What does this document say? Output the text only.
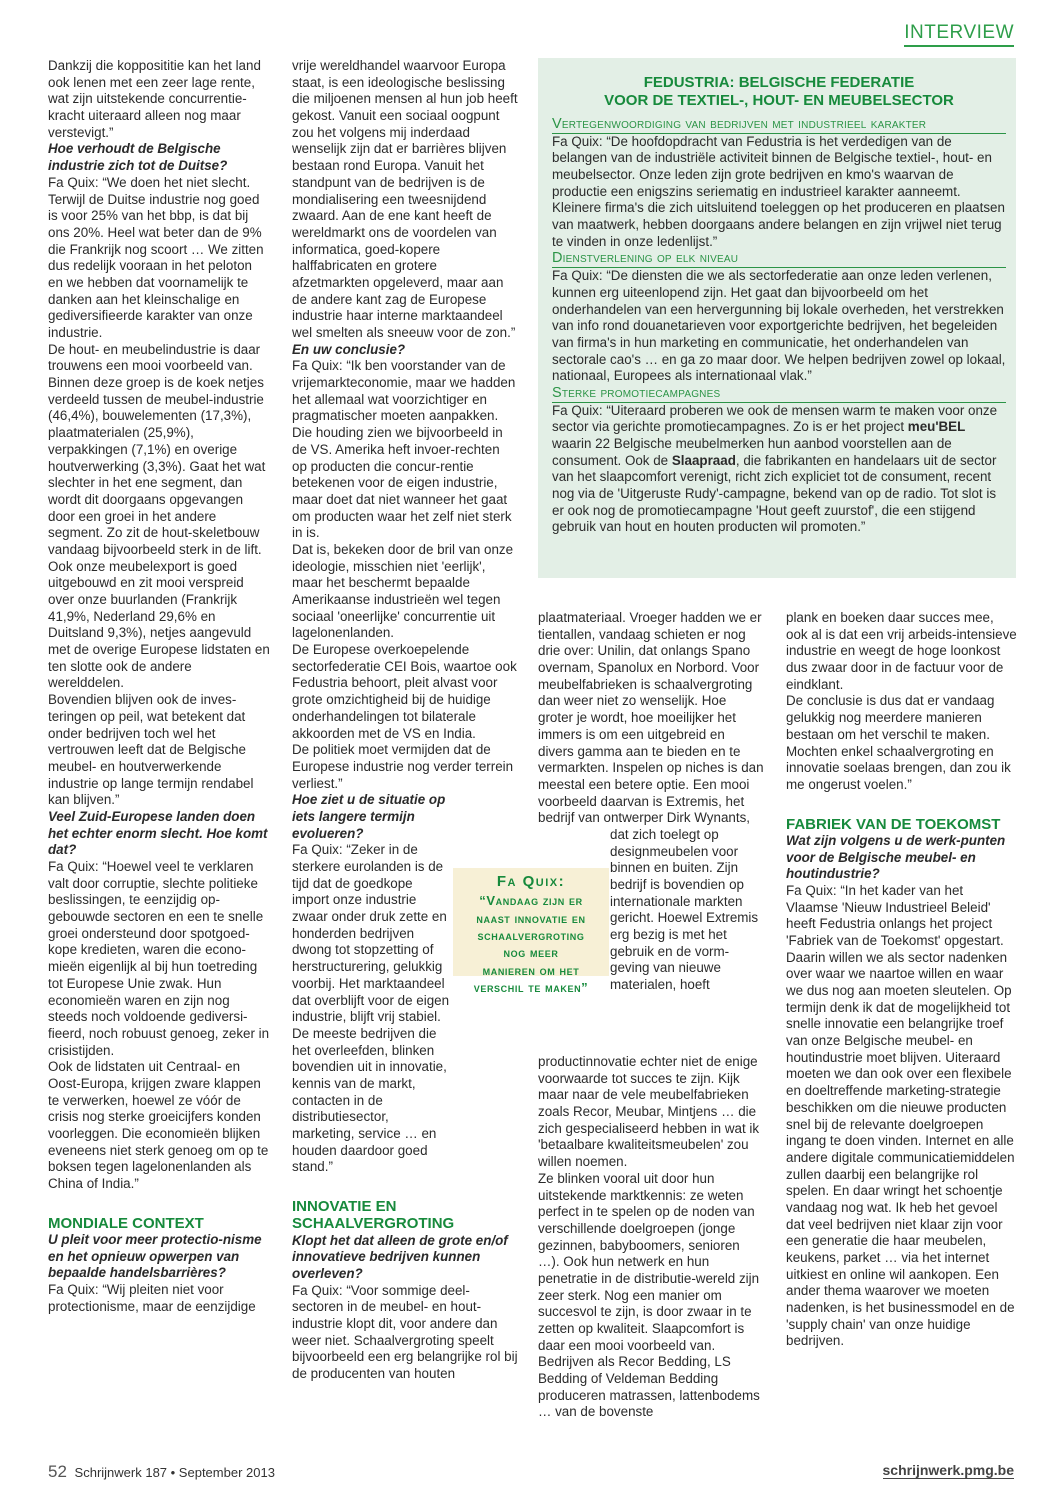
INTERVIEW

Dankzij die kopposititie kan het land ook lenen met een zeer lage rente, wat zijn uitstekende concurrentie-kracht uiteraard alleen nog maar verstevigt.”

Hoe verhoudt de Belgische industrie zich tot de Duitse?

Fa Quix: “We doen het niet slecht. Terwijl de Duitse industrie nog goed is voor 25% van het bbp, is dat bij ons 20%. Heel wat beter dan de 9% die Frankrijk nog scoort … We zitten dus redelijk vooraan in het peloton en we hebben dat voornamelijk te danken aan het kleinschalige en gediversifieerde karakter van onze industrie.

De hout- en meubelindustrie is daar trouwens een mooi voorbeeld van.

Binnen deze groep is de koek netjes verdeeld tussen de meubel-industrie (46,4%), bouwelementen (17,3%), plaatmaterialen (25,9%), verpakkingen (7,1%) en overige houtverwerking (3,3%). Gaat het wat slechter in het ene segment, dan wordt dit doorgaans opgevangen door een groei in het andere segment. Zo zit de hout-skeletbouw vandaag bijvoorbeeld sterk in de lift.

Ook onze meubelexport is goed uitgebouwd en zit mooi verspreid over onze buurlanden (Frankrijk 41,9%, Nederland 29,6% en Duitsland 9,3%), netjes aangevuld met de overige Europese lidstaten en ten slotte ook de andere werelddelen.

Bovendien blijven ook de inves-teringen op peil, wat betekent dat onder bedrijven toch wel het vertrouwen leeft dat de Belgische meubel- en houtverwerkende industrie op lange termijn rendabel kan blijven.”

Veel Zuid-Europese landen doen het echter enorm slecht. Hoe komt dat?

Fa Quix: “Hoewel veel te verklaren valt door corruptie, slechte politieke beslissingen, te eenzijdig op-gebouwde sectoren en een te snelle groei ondersteund door spotgoed-kope kredieten, waren die econo-mieën eigenlijk al bij hun toetreding tot Europese Unie zwak. Hun economieën waren en zijn nog steeds noch voldoende gediversi-fieerd, noch robuust genoeg, zeker in crisistijden.

Ook de lidstaten uit Centraal- en Oost-Europa, krijgen zware klappen te verwerken, hoewel ze vóór de crisis nog sterke groeicijfers konden voorleggen. Die economieën blijken eveneens niet sterk genoeg om op te boksen tegen lagelonenlanden als China of India.”

MONDIALE CONTEXT

U pleit voor meer protectio-nisme en het opnieuw opwerpen van bepaalde handelsbarrières?

Fa Quix: “Wij pleiten niet voor protectionisme, maar de eenzijdige

vrije wereldhandel waarvoor Europa staat, is een ideologische beslissing die miljoenen mensen al hun job heeft gekost. Vanuit een sociaal oogpunt zou het volgens mij inderdaad wenselijk zijn dat er barrières blijven bestaan rond Europa. Vanuit het standpunt van de bedrijven is de mondialisering een tweesnijdend zwaard. Aan de ene kant heeft de wereldmarkt ons de voordelen van informatica, goed-kopere halffabricaten en grotere afzetmarkten opgeleverd, maar aan de andere kant zag de Europese industrie haar interne marktaandeel wel smelten als sneeuw voor de zon.”

En uw conclusie?

Fa Quix: “Ik ben voorstander van de vrijemarkteconomie, maar we hadden het allemaal wat voorzichtiger en pragmatischer moeten aanpakken.

Die houding zien we bijvoorbeeld in de VS. Amerika heft invoer-rechten op producten die concur-rentie betekenen voor de eigen industrie, maar doet dat niet wanneer het gaat om producten waar het zelf niet sterk in is.

Dat is, bekeken door de bril van onze ideologie, misschien niet 'eerlijk', maar het beschermt bepaalde Amerikaanse industrieën wel tegen sociaal 'oneerlijke' concurrentie uit lagelonenlanden.

De Europese overkoepelende sectorfederatie CEI Bois, waartoe ook Fedustria behoort, pleit alvast voor grote omzichtigheid bij de huidige onderhandelingen tot bilaterale akkoorden met de VS en India.

De politiek moet vermijden dat de Europese industrie nog verder terrein verliest.”

Hoe ziet u de situatie op iets langere termijn evolueren?

Fa Quix: “Zeker in de sterkere eurolanden is de tijd dat de goedkope import onze industrie zwaar onder druk zette en honderden bedrijven dwong tot stopzetting of herstructurering, gelukkig voorbij. Het marktaandeel dat overblijft voor de eigen industrie, blijft vrij stabiel. De meeste bedrijven die het overleefden, blinken bovendien uit in innovatie, kennis van de markt, contacten in de distributiesector, marketing, service … en houden daardoor goed stand.”

INNOVATIE EN SCHAALVERGROTING

Klopt het dat alleen de grote en/of innovatieve bedrijven kunnen overleven?

Fa Quix: “Voor sommige deel-sectoren in de meubel- en hout-industrie klopt dit, voor andere dan weer niet. Schaalvergroting speelt bijvoorbeeld een erg belangrijke rol bij de producenten van houten

FEDUSTRIA: BELGISCHE FEDERATIE
VOOR DE TEXTIEL-, HOUT- EN MEUBELSECTOR

Vertegenwoordiging van bedrijven met industrieel karakter

Fa Quix: “De hoofdopdracht van Fedustria is het verdedigen van de belangen van de industriële activiteit binnen de Belgische textiel-, hout- en meubelsector. Onze leden zijn grote bedrijven en kmo's waarvan de productie een enigszins seriematig en industrieel karakter aanneemt. Kleinere firma's die zich uitsluitend toeleggen op het produceren en plaatsen van maatwerk, hebben doorgaans andere belangen en zijn vrijwel niet terug te vinden in onze ledenlijst.”

Dienstverlening op elk niveau

Fa Quix: “De diensten die we als sectorfederatie aan onze leden verlenen, kunnen erg uiteenlopend zijn. Het gaat dan bijvoorbeeld om het onderhandelen van een hervergunning bij lokale overheden, het verstrekken van info rond douanetarieven voor exportgerichte bedrijven, het begeleiden van firma's in hun marketing en communicatie, het onderhandelen van sectorale cao's … en ga zo maar door. We helpen bedrijven zowel op lokaal, nationaal, Europees als internationaal vlak.”

Sterke promotiecampagnes

Fa Quix: “Uiteraard proberen we ook de mensen warm te maken voor onze sector via gerichte promotiecampagnes. Zo is er het project meu'BEL waarin 22 Belgische meubelmerken hun aanbod voorstellen aan de consument. Ook de Slaapraad, die fabrikanten en handelaars uit de sector van het slaapcomfort verenigt, richt zich expliciet tot de consument, recent nog via de 'Uitgeruste Rudy'-campagne, bekend van op de radio. Tot slot is er ook nog de promotiecampagne 'Hout geeft zuurstof', die een stijgend gebruik van hout en houten producten wil promoten.”

Fa Quix:
“Vandaag zijn er
naast innovatie en
schaalvergroting
nog meer
manieren om het
verschil te maken”

plaatmateriaal. Vroeger hadden we er tientallen, vandaag schieten er nog drie over: Unilin, dat onlangs Spano overnam, Spanolux en Norbord. Voor meubelfabrieken is schaalvergroting dan weer niet zo wenselijk. Hoe groter je wordt, hoe moeilijker het immers is om een uitgebreid en divers gamma aan te bieden en te vermarkten. Inspelen op niches is dan meestal een betere optie. Een mooi voorbeeld daarvan is Extremis, het bedrijf van ontwerper Dirk Wynants,

dat zich toelegt op designmeubelen voor binnen en buiten. Zijn bedrijf is bovendien op internationale markten gericht. Hoewel Extremis erg bezig is met het gebruik en de vorm-geving van nieuwe materialen, hoeft

productinnovatie echter niet de enige voorwaarde tot succes te zijn. Kijk maar naar de vele meubelfabrieken zoals Recor, Meubar, Mintjens … die zich gespecialiseerd hebben in wat ik 'betaalbare kwaliteitsmeubelen' zou willen noemen.

Ze blinken vooral uit door hun uitstekende marktkennis: ze weten perfect in te spelen op de noden van verschillende doelgroepen (jonge gezinnen, babyboomers, senioren …). Ook hun netwerk en hun penetratie in de distributie-wereld zijn zeer sterk. Nog een manier om succesvol te zijn, is door zwaar in te zetten op kwaliteit. Slaapcomfort is daar een mooi voorbeeld van. Bedrijven als Recor Bedding, LS Bedding of Veldeman Bedding produceren matrassen, lattenbodems … van de bovenste

plank en boeken daar succes mee, ook al is dat een vrij arbeids-intensieve industrie en weegt de hoge loonkost dus zwaar door in de factuur voor de eindklant.

De conclusie is dus dat er vandaag gelukkig nog meerdere manieren bestaan om het verschil te maken. Mochten enkel schaalvergroting en innovatie soelaas brengen, dan zou ik me ongerust voelen.”

FABRIEK VAN DE TOEKOMST

Wat zijn volgens u de werk-punten voor de Belgische meubel- en houtindustrie?

Fa Quix: “In het kader van het Vlaamse 'Nieuw Industrieel Beleid' heeft Fedustria onlangs het project 'Fabriek van de Toekomst' opgestart. Daarin willen we als sector nadenken over waar we naartoe willen en waar we dus nog aan moeten sleutelen. Op termijn denk ik dat de mogelijkheid tot snelle innovatie een belangrijke troef van onze Belgische meubel- en houtindustrie moet blijven. Uiteraard moeten we dan ook over een flexibele en doeltreffende marketing-strategie beschikken om die nieuwe producten snel bij de relevante doelgroepen ingang te doen vinden. Internet en alle andere digitale communicatiemiddelen zullen daarbij een belangrijke rol spelen. En daar wringt het schoentje vandaag nog wat. Ik heb het gevoel dat veel bedrijven niet klaar zijn voor een generatie die haar meubelen, keukens, parket … via het internet uitkiest en online wil aankopen. Een ander thema waarover we moeten nadenken, is het businessmodel en de 'supply chain' van onze huidige bedrijven.

52 Schrijnwerk 187 • September 2013	schrijnwerk.pmg.be
